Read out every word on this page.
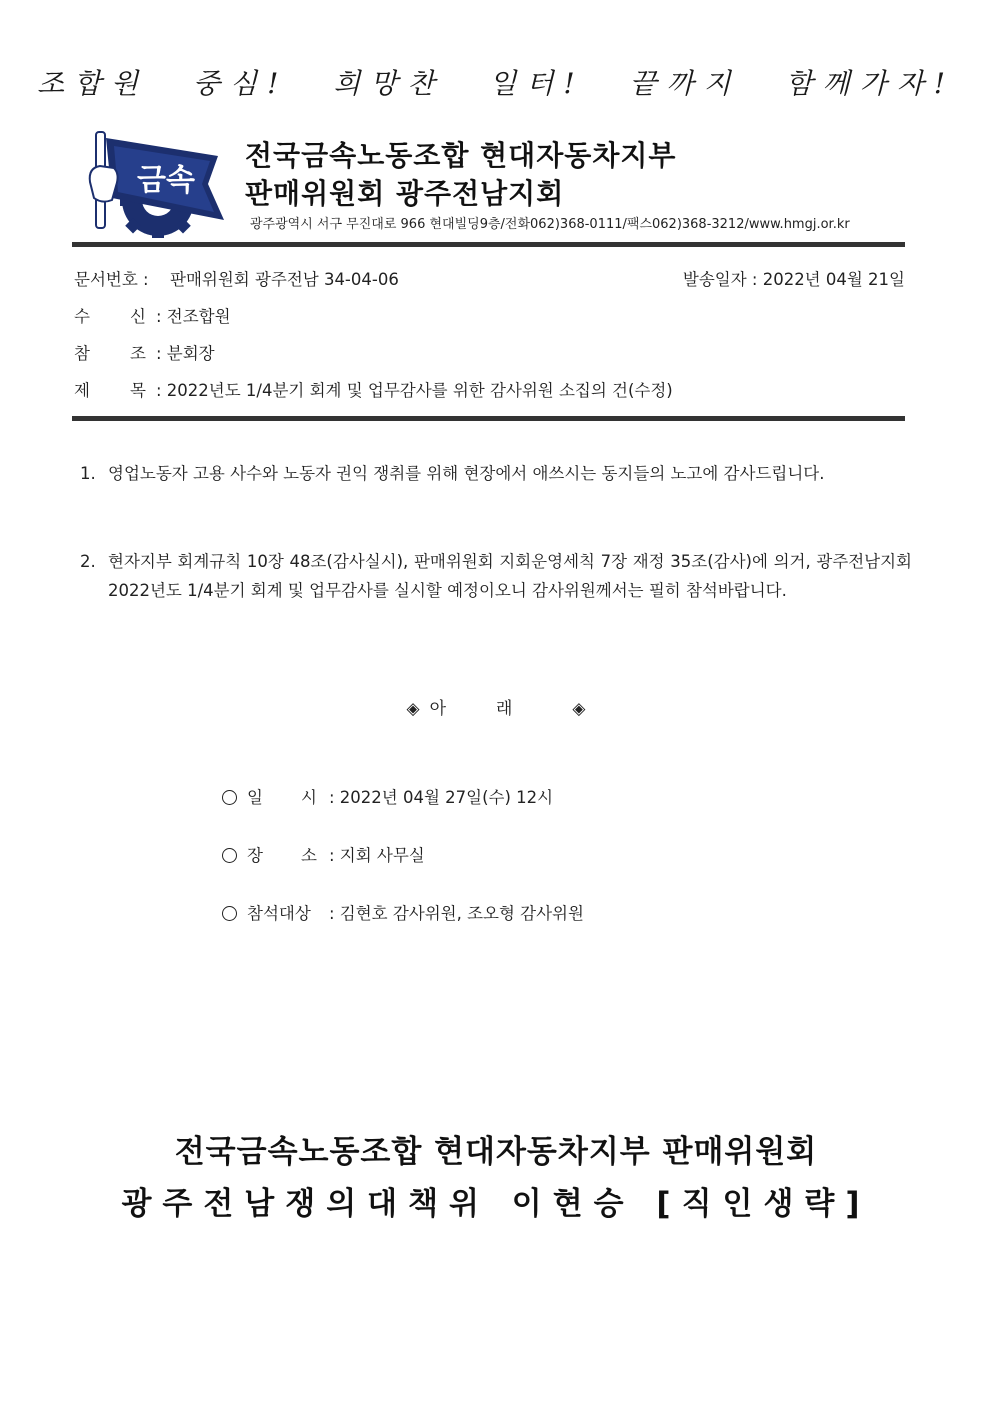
조합원 중심! 희망찬 일터! 끝까지 함께가자!
금속
전국금속노동조합 현대자동차지부
판매위원회 광주전남지회
광주광역시 서구 무진대로 966 현대빌딩9층/전화062)368-0111/팩스062)368-3212/www.hmgj.or.kr
문서번호 : 판매위원회 광주전남 34-04-06	발송일자 : 2022년 04월 21일
수 신 : 전조합원
참 조 : 분회장
제 목 : 2022년도 1/4분기 회계 및 업무감사를 위한 감사위원 소집의 건(수정)
1. 영업노동자 고용 사수와 노동자 권익 쟁취를 위해 현장에서 애쓰시는 동지들의 노고에 감사드립니다.
2. 현자지부 회계규칙 10장 48조(감사실시), 판매위원회 지회운영세칙 7장 재정 35조(감사)에 의거, 광주전남지회 2022년도 1/4분기 회계 및 업무감사를 실시할 예정이오니 감사위원께서는 필히 참석바랍니다.
◈ 아래 ◈
일 시 : 2022년 04월 27일(수) 12시
장 소 : 지회 사무실
참석대상 : 김현호 감사위원, 조오형 감사위원
전국금속노동조합 현대자동차지부 판매위원회
광주전남쟁의대책위 이현승 [직인생략]
